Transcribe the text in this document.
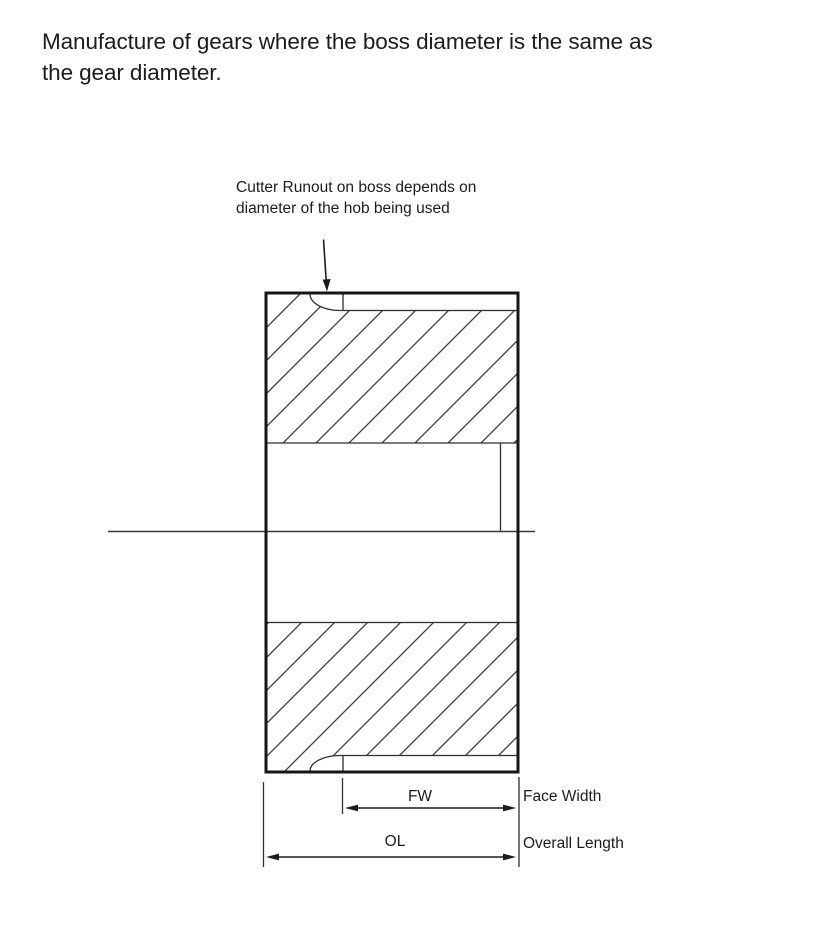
Manufacture of gears where the boss diameter is the same as
the gear diameter.
Cutter Runout on boss depends on
diameter of the hob being used
FW	Face Width
OL	Overall Length
